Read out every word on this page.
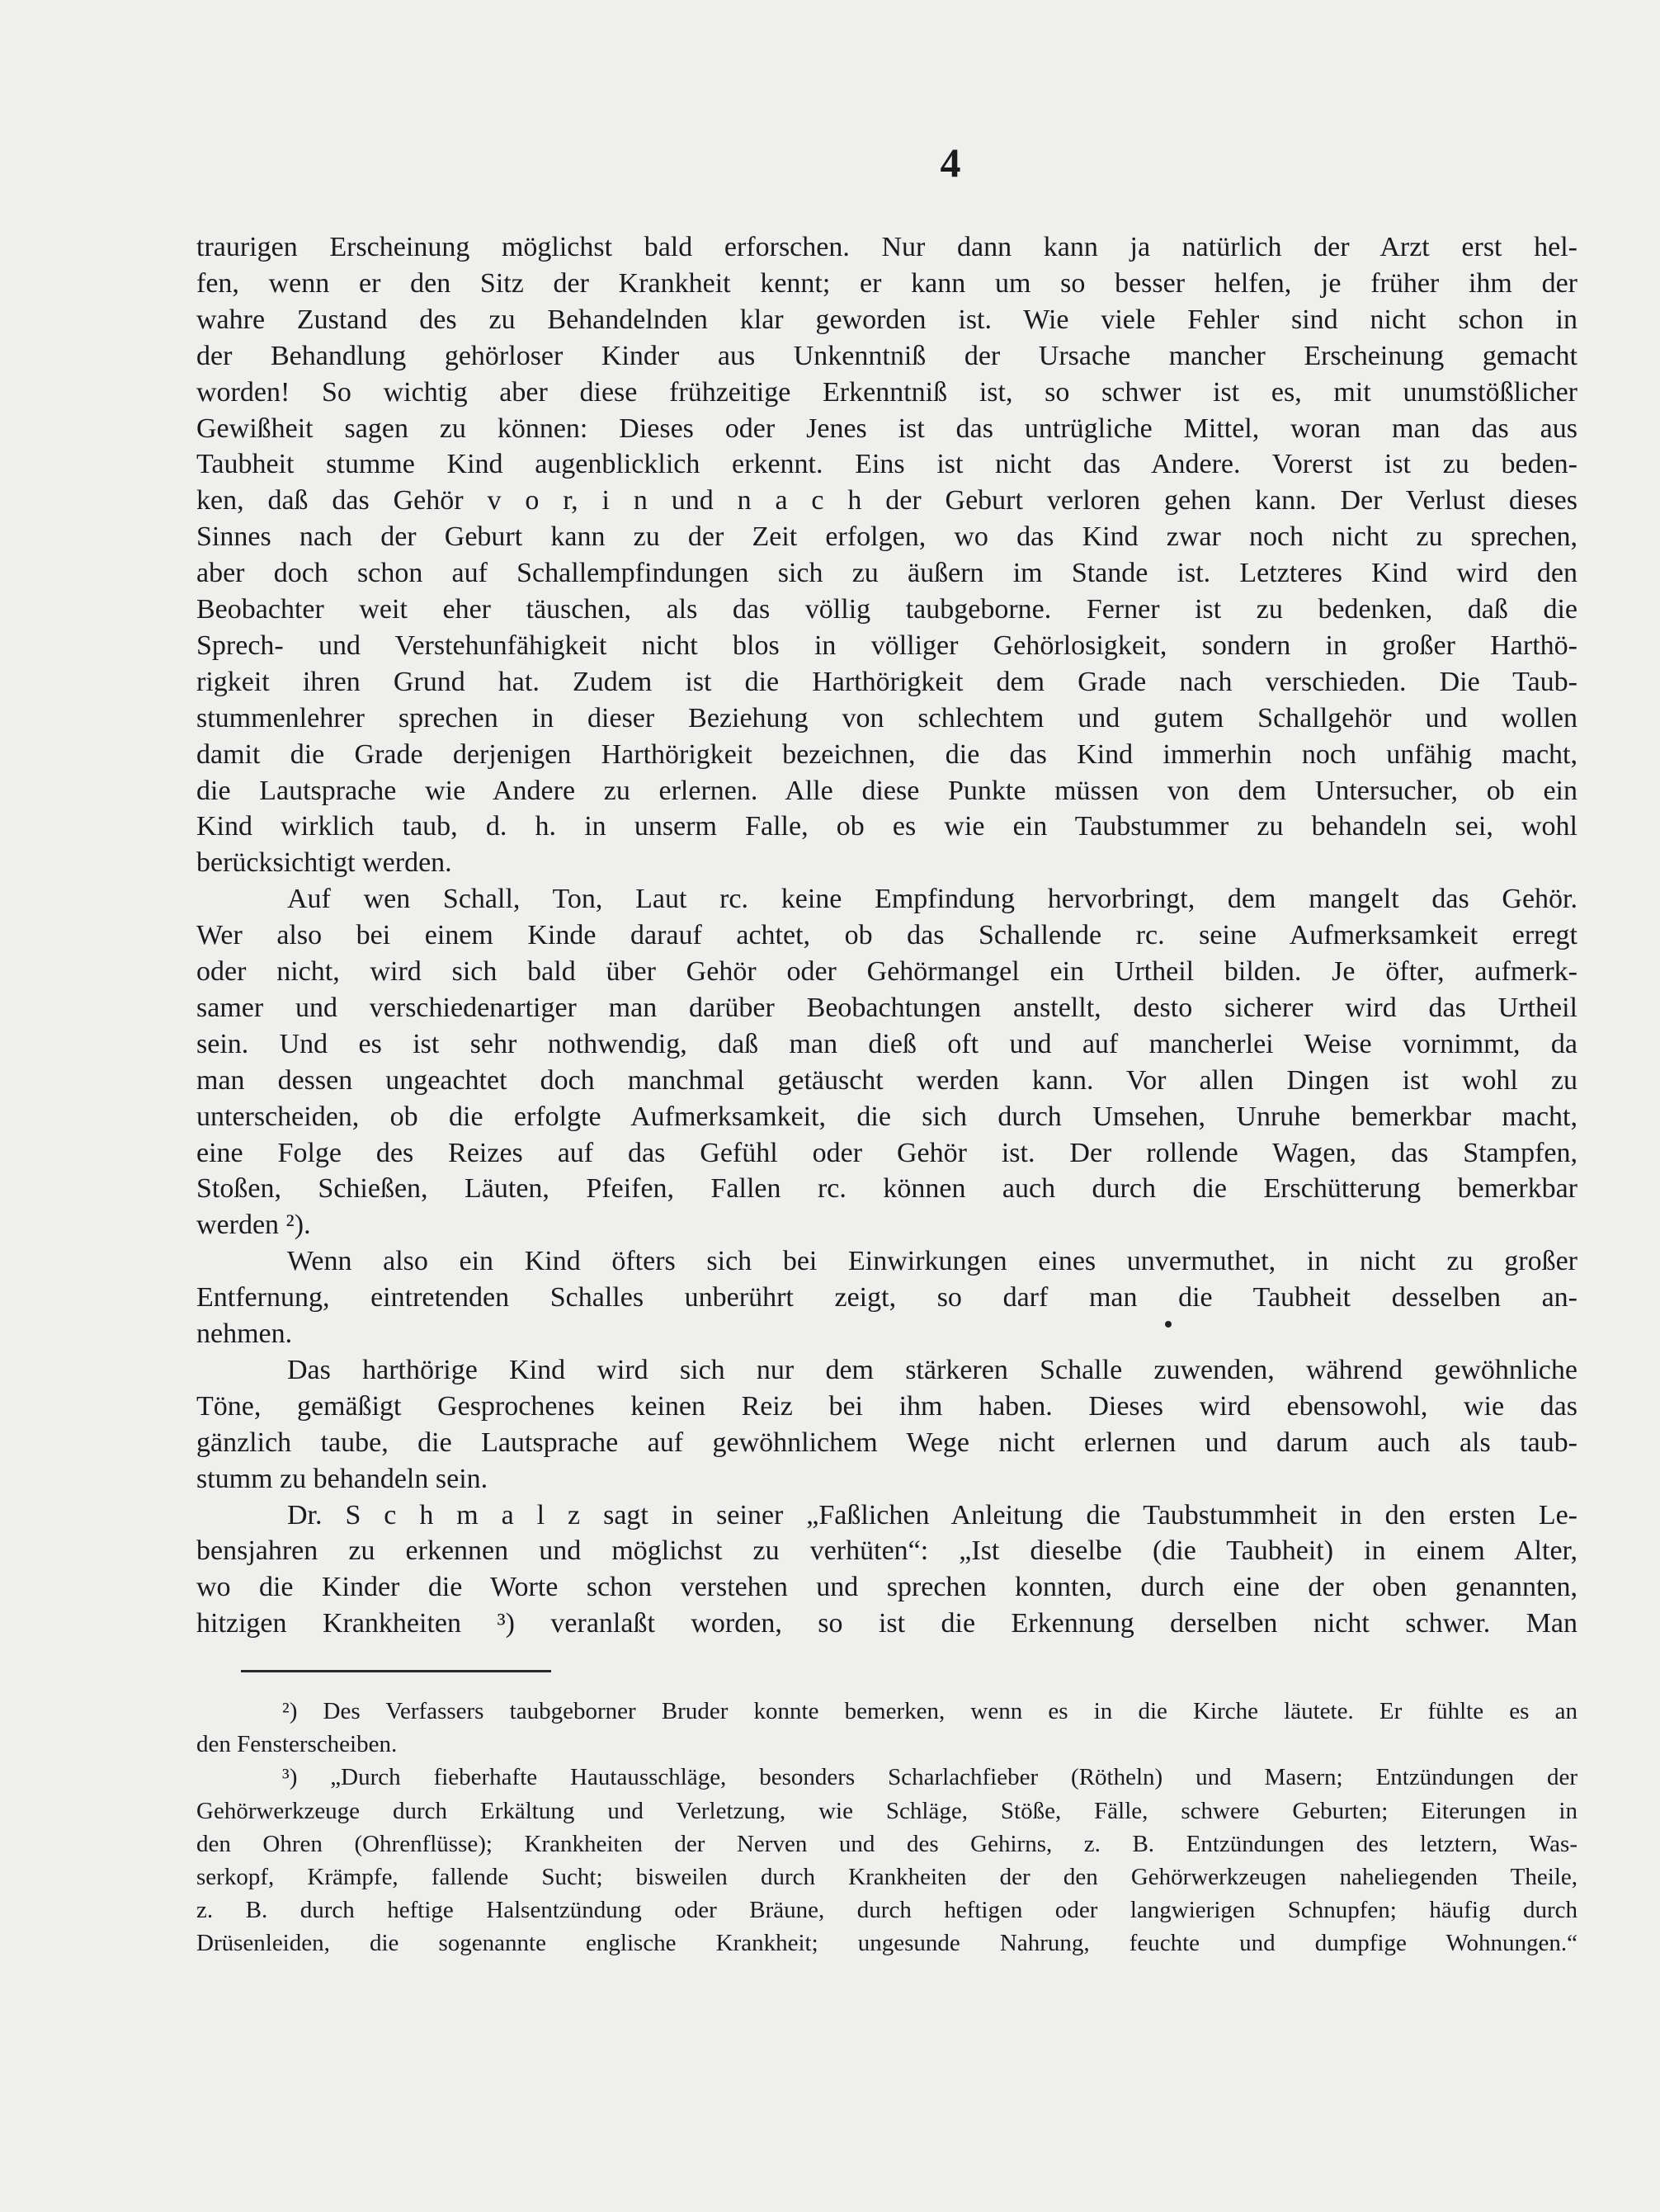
4
traurigen Erscheinung möglichst bald erforschen. Nur dann kann ja natürlich der Arzt erst hel-
fen, wenn er den Sitz der Krankheit kennt; er kann um so besser helfen, je früher ihm der
wahre Zustand des zu Behandelnden klar geworden ist. Wie viele Fehler sind nicht schon in
der Behandlung gehörloser Kinder aus Unkenntniß der Ursache mancher Erscheinung gemacht
worden! So wichtig aber diese frühzeitige Erkenntniß ist, so schwer ist es, mit unumstößlicher
Gewißheit sagen zu können: Dieses oder Jenes ist das untrügliche Mittel, woran man das aus
Taubheit stumme Kind augenblicklich erkennt. Eins ist nicht das Andere. Vorerst ist zu beden-
ken, daß das Gehör v o r, i n und n a c h der Geburt verloren gehen kann. Der Verlust dieses
Sinnes nach der Geburt kann zu der Zeit erfolgen, wo das Kind zwar noch nicht zu sprechen,
aber doch schon auf Schallempfindungen sich zu äußern im Stande ist. Letzteres Kind wird den
Beobachter weit eher täuschen, als das völlig taubgeborne. Ferner ist zu bedenken, daß die
Sprech- und Verstehunfähigkeit nicht blos in völliger Gehörlosigkeit, sondern in großer Harthö-
rigkeit ihren Grund hat. Zudem ist die Harthörigkeit dem Grade nach verschieden. Die Taub-
stummenlehrer sprechen in dieser Beziehung von schlechtem und gutem Schallgehör und wollen
damit die Grade derjenigen Harthörigkeit bezeichnen, die das Kind immerhin noch unfähig macht,
die Lautsprache wie Andere zu erlernen. Alle diese Punkte müssen von dem Untersucher, ob ein
Kind wirklich taub, d. h. in unserm Falle, ob es wie ein Taubstummer zu behandeln sei, wohl
berücksichtigt werden.
Auf wen Schall, Ton, Laut rc. keine Empfindung hervorbringt, dem mangelt das Gehör.
Wer also bei einem Kinde darauf achtet, ob das Schallende rc. seine Aufmerksamkeit erregt
oder nicht, wird sich bald über Gehör oder Gehörmangel ein Urtheil bilden. Je öfter, aufmerk-
samer und verschiedenartiger man darüber Beobachtungen anstellt, desto sicherer wird das Urtheil
sein. Und es ist sehr nothwendig, daß man dieß oft und auf mancherlei Weise vornimmt, da
man dessen ungeachtet doch manchmal getäuscht werden kann. Vor allen Dingen ist wohl zu
unterscheiden, ob die erfolgte Aufmerksamkeit, die sich durch Umsehen, Unruhe bemerkbar macht,
eine Folge des Reizes auf das Gefühl oder Gehör ist. Der rollende Wagen, das Stampfen,
Stoßen, Schießen, Läuten, Pfeifen, Fallen rc. können auch durch die Erschütterung bemerkbar
werden ²).
Wenn also ein Kind öfters sich bei Einwirkungen eines unvermuthet, in nicht zu großer
Entfernung, eintretenden Schalles unberührt zeigt, so darf man die Taubheit desselben an-
nehmen.
Das harthörige Kind wird sich nur dem stärkeren Schalle zuwenden, während gewöhnliche
Töne, gemäßigt Gesprochenes keinen Reiz bei ihm haben. Dieses wird ebensowohl, wie das
gänzlich taube, die Lautsprache auf gewöhnlichem Wege nicht erlernen und darum auch als taub-
stumm zu behandeln sein.
Dr. S c h m a l z sagt in seiner „Faßlichen Anleitung die Taubstummheit in den ersten Le-
bensjahren zu erkennen und möglichst zu verhüten“: „Ist dieselbe (die Taubheit) in einem Alter,
wo die Kinder die Worte schon verstehen und sprechen konnten, durch eine der oben genannten,
hitzigen Krankheiten ³) veranlaßt worden, so ist die Erkennung derselben nicht schwer. Man
²) Des Verfassers taubgeborner Bruder konnte bemerken, wenn es in die Kirche läutete. Er fühlte es an
den Fensterscheiben.
³) „Durch fieberhafte Hautausschläge, besonders Scharlachfieber (Rötheln) und Masern; Entzündungen der
Gehörwerkzeuge durch Erkältung und Verletzung, wie Schläge, Stöße, Fälle, schwere Geburten; Eiterungen in
den Ohren (Ohrenflüsse); Krankheiten der Nerven und des Gehirns, z. B. Entzündungen des letztern, Was-
serkopf, Krämpfe, fallende Sucht; bisweilen durch Krankheiten der den Gehörwerkzeugen naheliegenden Theile,
z. B. durch heftige Halsentzündung oder Bräune, durch heftigen oder langwierigen Schnupfen; häufig durch
Drüsenleiden, die sogenannte englische Krankheit; ungesunde Nahrung, feuchte und dumpfige Wohnungen.“
